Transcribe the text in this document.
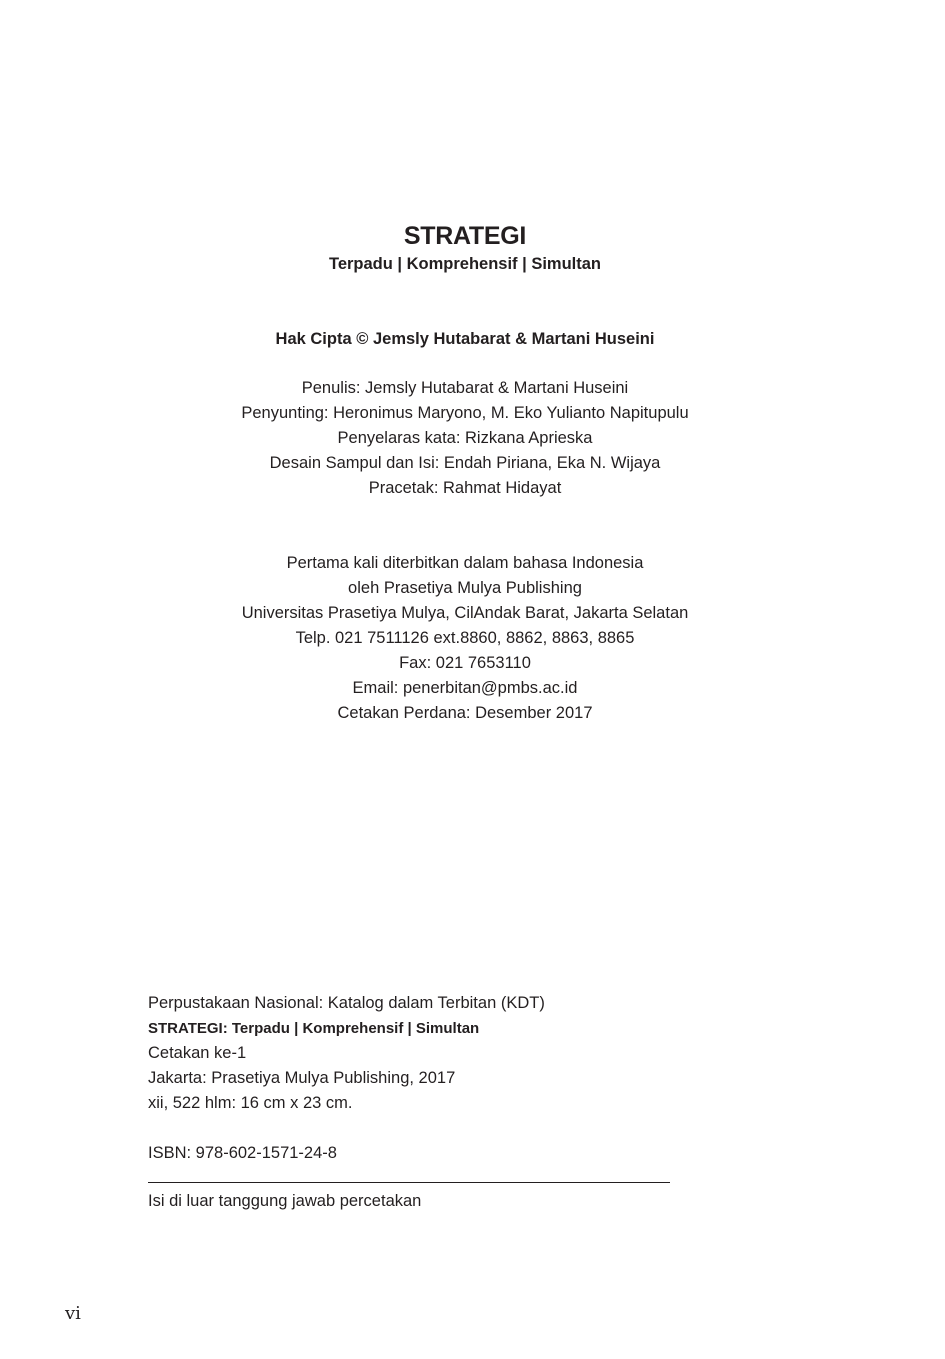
STRATEGI
Terpadu | Komprehensif | Simultan
Hak Cipta © Jemsly Hutabarat & Martani Huseini
Penulis: Jemsly Hutabarat & Martani Huseini
Penyunting: Heronimus Maryono, M. Eko Yulianto Napitupulu
Penyelaras kata: Rizkana Aprieska
Desain Sampul dan Isi: Endah Piriana, Eka N. Wijaya
Pracetak: Rahmat Hidayat
Pertama kali diterbitkan dalam bahasa Indonesia
oleh Prasetiya Mulya Publishing
Universitas Prasetiya Mulya, CilAndak Barat, Jakarta Selatan
Telp. 021 7511126 ext.8860, 8862, 8863, 8865
Fax: 021 7653110
Email: penerbitan@pmbs.ac.id
Cetakan Perdana: Desember 2017
Perpustakaan Nasional: Katalog dalam Terbitan (KDT)
STRATEGI: Terpadu | Komprehensif | Simultan
Cetakan ke-1
Jakarta: Prasetiya Mulya Publishing, 2017
xii, 522 hlm: 16 cm x 23 cm.
ISBN: 978-602-1571-24-8
Isi di luar tanggung jawab percetakan
vi
